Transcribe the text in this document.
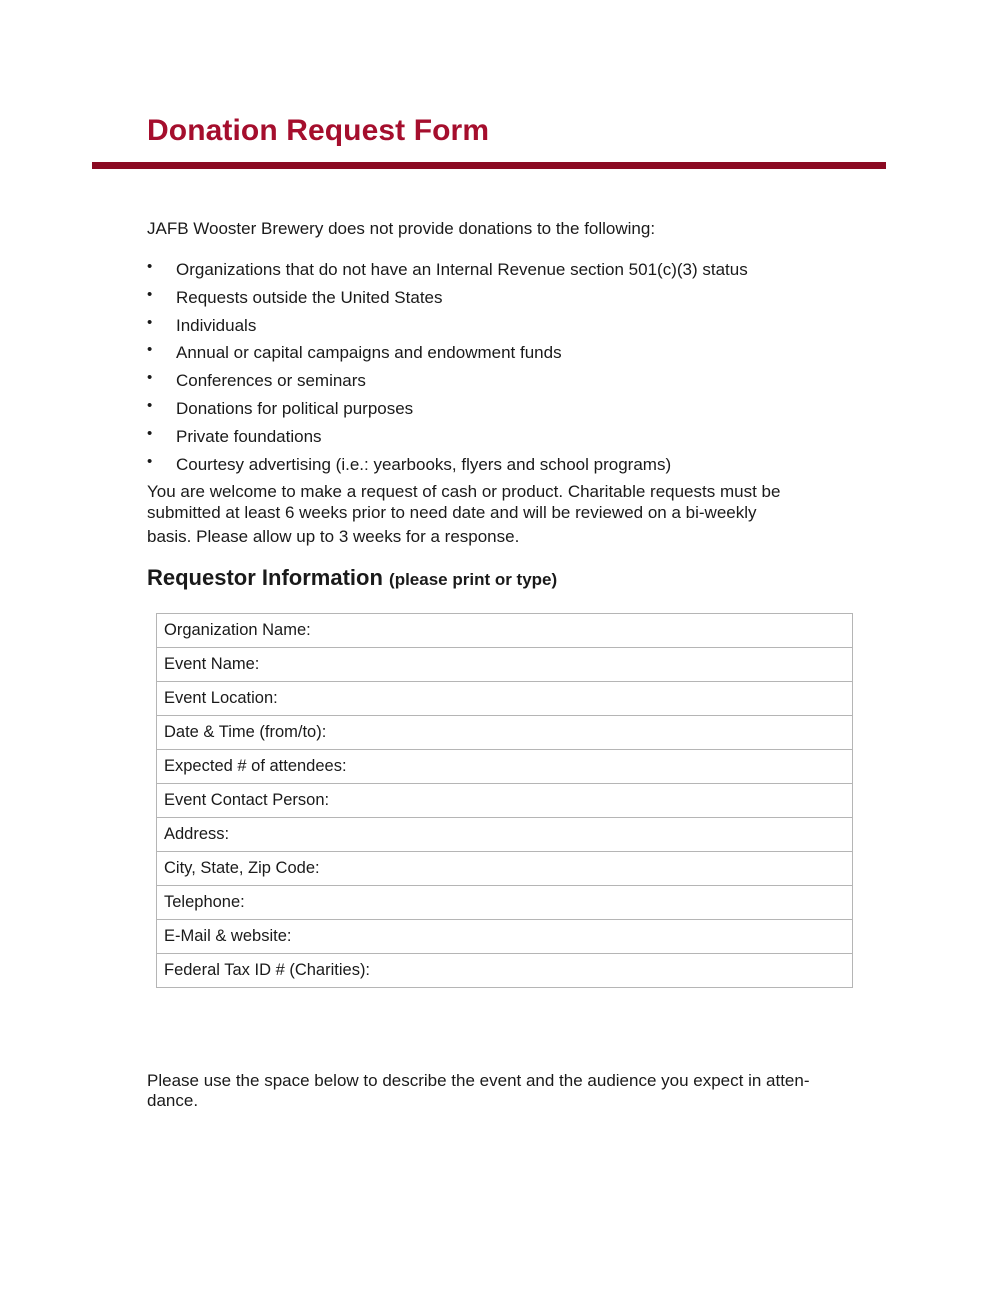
Donation Request Form

JAFB Wooster Brewery does not provide donations to the following:

• Organizations that do not have an Internal Revenue section 501(c)(3) status
• Requests outside the United States
• Individuals
• Annual or capital campaigns and endowment funds
• Conferences or seminars
• Donations for political purposes
• Private foundations
• Courtesy advertising (i.e.: yearbooks, flyers and school programs)
You are welcome to make a request of cash or product. Charitable requests must be
submitted at least 6 weeks prior to need date and will be reviewed on a bi-weekly
basis. Please allow up to 3 weeks for a response.
Requestor Information (please print or type)
Organization Name:
Event Name:
Event Location:
Date & Time (from/to):
Expected # of attendees:
Event Contact Person:
Address:
City, State, Zip Code:
Telephone:
E-Mail & website:
Federal Tax ID # (Charities):
Please use the space below to describe the event and the audience you expect in atten-
dance.
